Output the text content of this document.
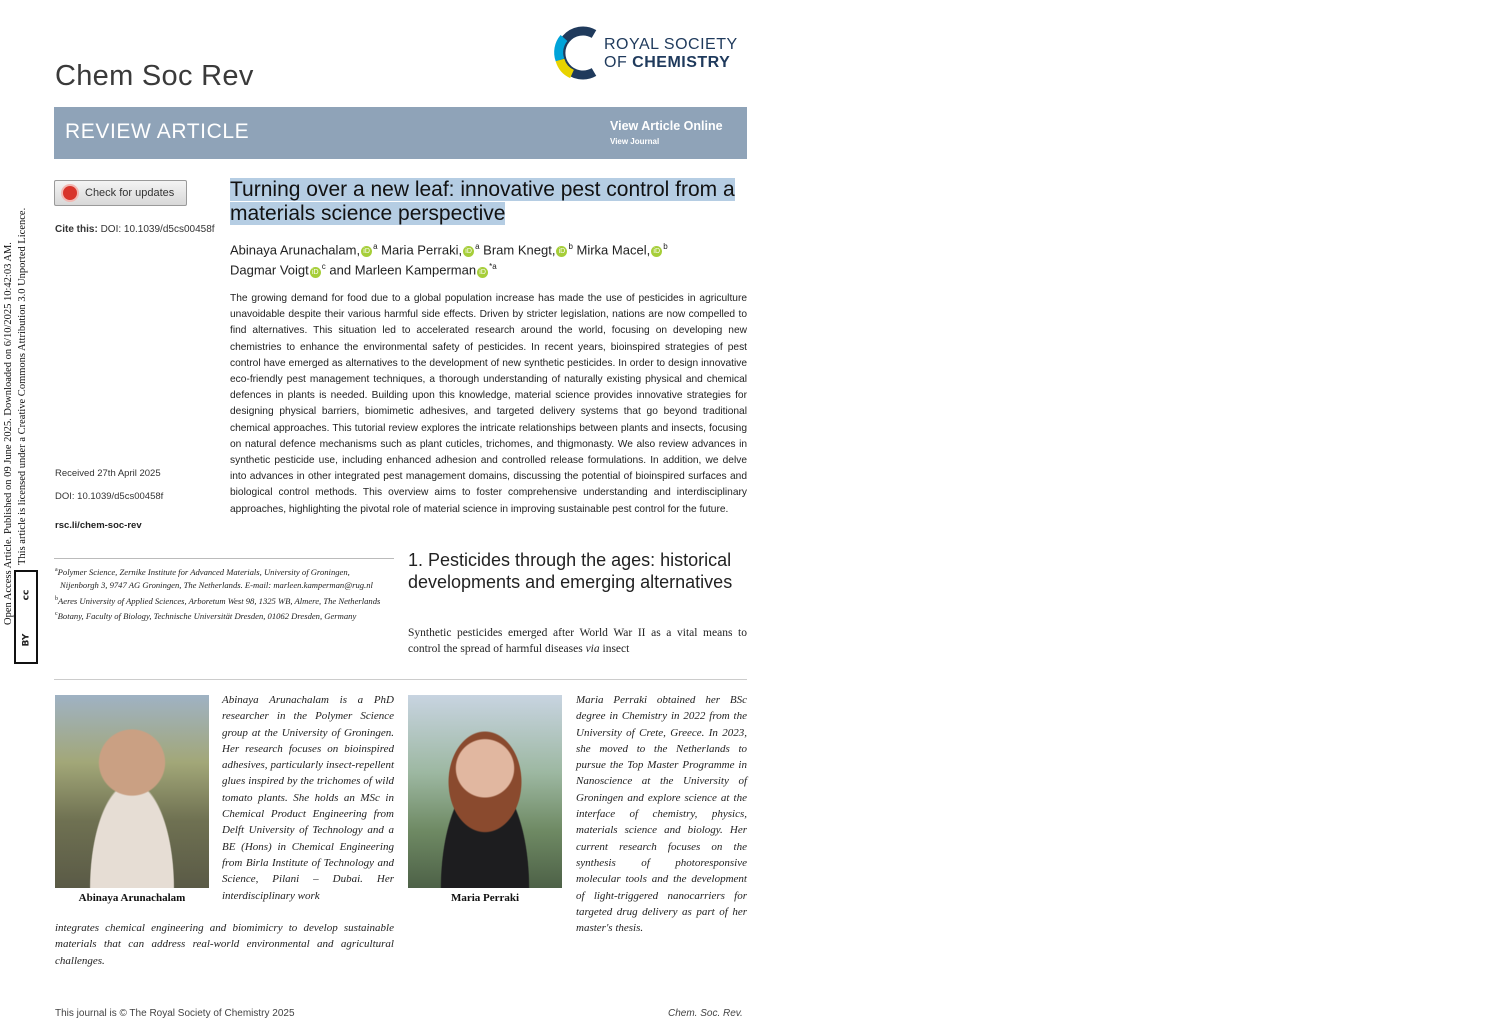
Open Access Article. Published on 09 June 2025. Downloaded on 6/10/2025 10:42:03 AM. This article is licensed under a Creative Commons Attribution 3.0 Unported Licence.
cc
BY
Chem Soc Rev
ROYAL SOCIETY
OF CHEMISTRY
REVIEW ARTICLE	View Article Online
View Journal
Check for updates
Cite this: DOI: 10.1039/d5cs00458f
Turning over a new leaf: innovative pest control from a materials science perspective
Abinaya Arunachalam, $iD^a$ Maria Perraki, $iD^a$ Bram Knegt, $iD^b$ Mirka Macel, $iD^b$
Dagmar Voigt $iD^c$ and Marleen Kamperman $iD^{*a}$
The growing demand for food due to a global population increase has made the use of pesticides in agriculture unavoidable despite their various harmful side effects. Driven by stricter legislation, nations are now compelled to find alternatives. This situation led to accelerated research around the world, focusing on developing new chemistries to enhance the environmental safety of pesticides. In recent years, bioinspired strategies of pest control have emerged as alternatives to the development of new synthetic pesticides. In order to design innovative eco-friendly pest management techniques, a thorough understanding of naturally existing physical and chemical defences in plants is needed. Building upon this knowledge, material science provides innovative strategies for designing physical barriers, biomimetic adhesives, and targeted delivery systems that go beyond traditional chemical approaches. This tutorial review explores the intricate relationships between plants and insects, focusing on natural defence mechanisms such as plant cuticles, trichomes, and thigmonasty. We also review advances in synthetic pesticide use, including enhanced adhesion and controlled release formulations. In addition, we delve into advances in other integrated pest management domains, discussing the potential of bioinspired surfaces and biological control methods. This overview aims to foster comprehensive understanding and interdisciplinary approaches, highlighting the pivotal role of material science in improving sustainable pest control for the future.
Received 27th April 2025
DOI: 10.1039/d5cs00458f
rsc.li/chem-soc-rev

$^a$Polymer Science, Zernike Institute for Advanced Materials, University of Groningen, Nijenborgh 3, 9747 AG Groningen, The Netherlands. E-mail: marleen.kamperman@rug.nl

$^b$Aeres University of Applied Sciences, Arboretum West 98, 1325 WB, Almere, The Netherlands

$^c$Botany, Faculty of Biology, Technische Universität Dresden, 01062 Dresden, Germany

1. Pesticides through the ages: historical developments and emerging alternatives
Synthetic pesticides emerged after World War II as a vital means to control the spread of harmful diseases via insect
Abinaya Arunachalam
Abinaya Arunachalam is a PhD researcher in the Polymer Science group at the University of Groningen. Her research focuses on bioinspired adhesives, particularly insect-repellent glues inspired by the trichomes of wild tomato plants. She holds an MSc in Chemical Product Engineering from Delft University of Technology and a BE (Hons) in Chemical Engineering from Birla Institute of Technology and Science, Pilani – Dubai. Her interdisciplinary work
integrates chemical engineering and biomimicry to develop sustainable materials that can address real-world environmental and agricultural challenges.
Maria Perraki
Maria Perraki obtained her BSc degree in Chemistry in 2022 from the University of Crete, Greece. In 2023, she moved to the Netherlands to pursue the Top Master Programme in Nanoscience at the University of Groningen and explore science at the interface of chemistry, physics, materials science and biology. Her current research focuses on the synthesis of photoresponsive molecular tools and the development of light-triggered nanocarriers for targeted drug delivery as part of her master's thesis.
This journal is © The Royal Society of Chemistry 2025	Chem. Soc. Rev.
